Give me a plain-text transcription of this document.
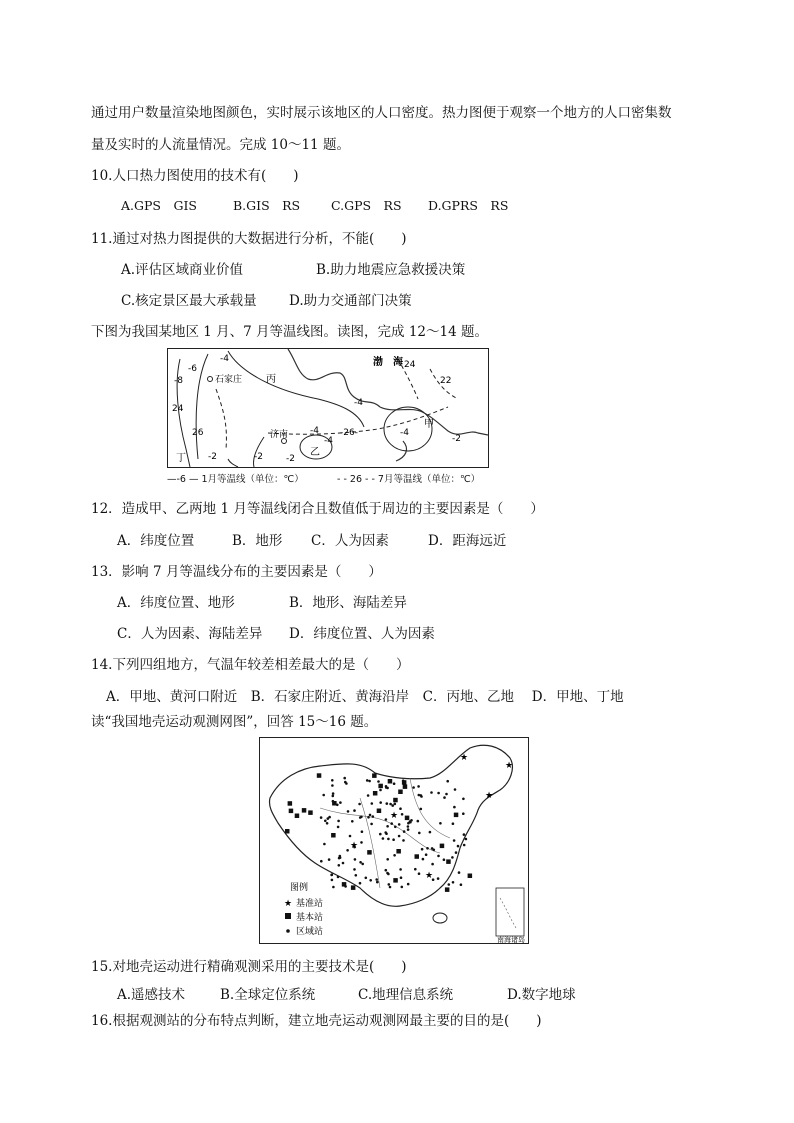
通过用户数量渲染地图颜色，实时展示该地区的人口密度。热力图便于观察一个地方的人口密集数
量及实时的人流量情况。完成 10～11 题。
10.人口热力图使用的技术有(　　)
A.GPS　GIS	B.GIS　RS C.GPS　RS D.GPRS　RS
11.通过对热力图提供的大数据进行分析，不能(　　)
A.评估区域商业价值	B.助力地震应急救援决策
C.核定景区最大承载量 D.助力交通部门决策
下图为我国某地区 1 月、7 月等温线图。读图，完成 12～14 题。
渤　海
石家庄 丙
济南
甲
乙
丁
-4
-6
-8
24
26
-2	-2
-4
-4
-26-
24
22
-4
-2
-2
-4
—-6 — 1月等温线（单位：℃）	- - 26 - - 7月等温线（单位：℃）
12．造成甲、乙两地 1 月等温线闭合且数值低于周边的主要因素是（　　）
A．纬度位置	B．地形 C．人为因素	D．距海远近
13．影响 7 月等温线分布的主要因素是（　　）
A．纬度位置、地形	B．地形、海陆差异
C．人为因素、海陆差异 D．纬度位置、人为因素
14.下列四组地方，气温年较差相差最大的是（　　）
A．甲地、黄河口附近　B．石家庄附近、黄海沿岸　C．丙地、乙地　 D．甲地、丁地
读“我国地壳运动观测网图”，回答 15～16 题。
★
★
★
★
★
★
南海诸岛
图例
★ 基准站
基本站
区域站
15.对地壳运动进行精确观测采用的主要技术是(　　)
A.遥感技术	B.全球定位系统	C.地理信息系统	D.数字地球
16.根据观测站的分布特点判断，建立地壳运动观测网最主要的目的是(　　)
